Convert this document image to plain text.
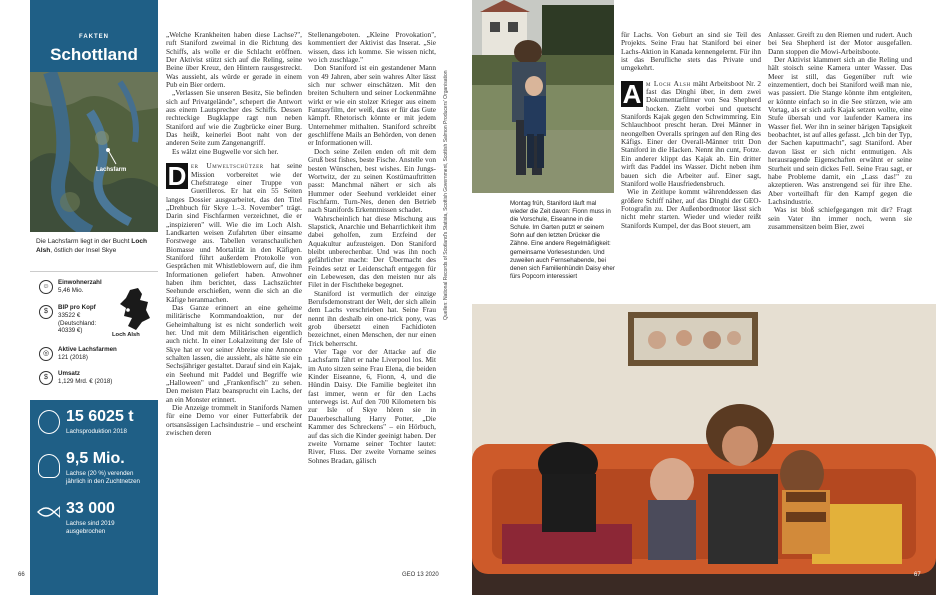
FAKTEN
Schottland
Lachsfarm
Die Lachsfarm liegt in der Bucht Loch Alsh, östlich der Insel Skye
☺
Einwohnerzahl
5,46 Mio.
$
BIP pro Kopf
33522 €
(Deutschland:
40339 €)
Loch Alsh
◎
Aktive Lachsfarmen
121 (2018)
$
Umsatz
1,129 Mrd. € (2018)
15 6025 t
Lachsproduktion 2018
9,5 Mio.
Lachse (20 %) verenden
jährlich in den Zuchtnetzen
33 000
Lachse sind 2019
ausgebrochen
66

„Welche Krankheiten haben diese Lachse?", ruft Staniford zweimal in die Richtung des Schiffs, als wolle er die Schlacht eröffnen. Der Aktivist stützt sich auf die Reling, seine Beine über Kreuz, den Hintern rausgestreckt. Was aussieht, als würde er gerade in einem Pub ein Bier ordern.

„Verlassen Sie unseren Besitz, Sie befinden sich auf Privatgelände", schepert die Antwort aus einem Lautsprecher des Schiffs. Dessen rechteckige Bugklappe ragt nun neben Staniford auf wie die Zugbrücke einer Burg. Das heißt, keinerlei Boot naht von der anderen Seite zum Zangenangriff.

Es wälzt eine Bugwelle vor sich her.

D er Umweltschützer hat seine Mission vorbereitet wie der Chefstratege einer Truppe von Guerilleros. Er hat ein 55 Seiten langes Dossier ausgearbeitet, das den Titel „Drehbuch für Skye 1.–3. November" trägt. Darin sind Fischfarmen verzeichnet, die er „inspizieren" will. Wie die im Loch Alsh. Landkarten weisen Zufahrten über einsame Forstwege aus. Tabellen veranschaulichen Biomasse und Mortalität in den Käfigen. Staniford führt außerdem Protokolle von Gesprächen mit Whistleblowern auf, die ihm Informationen geliefert haben. Anwohner haben ihm berichtet, dass Lachszüchter Seehunde erschießen, wenn die sich an die Käfige heranmachen.

Das Ganze erinnert an eine geheime militärische Kommandoaktion, nur der Geheimhaltung ist es nicht sonderlich weit her. Und mit dem Militärischen eigentlich auch nicht. In einer Lokalzeitung der Isle of Skye hat er vor seiner Abreise eine Annonce schalten lassen, die aussieht, als hätte sie ein Sechsjähriger gestaltet. Darauf sind ein Kajak, ein Seehund mit Paddel und Begriffe wie „Halloween" und „Frankenfisch" zu sehen. Den meisten Platz beansprucht ein Lachs, der an ein Monster erinnert.

Die Anzeige trommelt in Stanifords Namen für eine Demo vor einer Futterfabrik der ortsansässigen Lachsindustrie – und erscheint zwischen deren

Stellenangeboten. „Kleine Provokation", kommentiert der Aktivist das Inserat. „Sie wissen, dass ich komme. Sie wissen nicht, wo ich zuschlage."

Don Staniford ist ein gestandener Mann von 49 Jahren, aber sein wahres Alter lässt sich nur schwer einschätzen. Mit den breiten Schultern und seiner Lockenmähne wirkt er wie ein stolzer Krieger aus einem Fantasyfilm, der weiß, dass er für das Gute kämpft. Rhetorisch könnte er mit jedem Unternehmer mithalten. Staniford schreibt geschliffene Mails an Behörden, von denen er Informationen will.

Doch seine Zeilen enden oft mit dem Gruß best fishes, beste Fische. Anstelle von besten Wünschen, best wishes. Ein Jungs-Wortwitz, der zu seinen Kostümauftritten passt: Manchmal nähert er sich als Hummer oder Seehund verkleidet einer Fischfarm. Turn-Nes, denen den Betrieb nach Stanifords Erkenntnissen schadet.

Wahrscheinlich hat diese Mischung aus Slapstick, Anarchie und Beharrlichkeit ihm dabei geholfen, zum Erzfeind der Aquakultur aufzusteigen. Don Staniford bleibt unberechenbar. Und was ihn noch gefährlicher macht: Der Übermacht des Feindes setzt er Leidenschaft entgegen für ein Lebewesen, das den meisten nur als Filet in der Fischtheke begegnet.

Staniford ist vermutlich der einzige Berufsdemonstrant der Welt, der sich allein dem Lachs verschrieben hat. Seine Frau nennt ihn deshalb ein one-trick pony, was grob übersetzt einen Fachidioten bezeichnet, einen Menschen, der nur einen Trick beherrscht.

Vier Tage vor der Attacke auf die Lachsfarm fährt er nahe Liverpool los. Mit im Auto sitzen seine Frau Elena, die beiden Kinder Eiseanne, 6, Fionn, 4, und die Hündin Daisy. Die Familie begleitet ihn fast immer, wenn er für den Lachs unterwegs ist. Auf den 700 Kilometern bis zur Isle of Skye hören sie in Dauerbeschallung Harry Potter, „Die Kammer des Schreckens" – ein Hörbuch, auf das sich die Kinder geeinigt haben. Der zweite Vorname seiner Tochter lautet: River, Fluss. Der zweite Vorname seines Sohnes Bradan, gälisch

Quellen: National Records of Scotland's Statista, Scottish Government, Scottish Salmon Producers' Organisation
GEO 13 2020
Montag früh, Staniford läuft mal wieder die Zeit davon: Fionn muss in die Vorschule, Eiseanne in die Schule. Im Garten putzt er seinem Sohn auf den letzten Drücker die Zähne. Eine andere Regelmäßigkeit: gemeinsame Vorlesestunden. Und zuweilen auch Fernsehabende, bei denen sich Familienhündin Daisy eher fürs Popcorn interessiert

für Lachs. Von Geburt an sind sie Teil des Projekts. Seine Frau hat Staniford bei einer Lachs-Aktion in Kanada kennengelernt. Für ihn ist das Berufliche stets das Private und umgekehrt.

A m Loch Alsh mäht Arbeitsboot Nr. 2 fast das Dinghi über, in dem zwei Dokumentarfilmer von Sea Shepherd hocken. Zieht vorbei und quetscht Stanifords Kajak gegen den Schwimmring. Ein Schlauchboot prescht heran. Drei Männer in neongelben Overalls springen auf den Ring des Käfigs. Einer der Overall-Männer tritt Don Staniford in die Hacken. Nennt ihn cunt, Fotze. Ein anderer klippt das Kajak ab. Ein dritter wirft das Paddel ins Wasser. Dicht neben ihm bauen sich die Arbeiter auf. Einer sagt, Staniford wolle Hausfriedensbruch.

Wie in Zeitlupe kommt währenddessen das größere Schiff näher, auf das Dinghi der GEO-Fotografin zu. Der Außenbordmotor lässt sich nicht mehr starten. Wieder und wieder reißt Stanifords Kumpel, der das Boot steuert, am

Anlasser. Greift zu den Riemen und rudert. Auch bei Sea Shepherd ist der Motor ausgefallen. Dann stoppen die Mowi-Arbeitsboote.

Der Aktivist klammert sich an die Reling und hält stoisch seine Kamera unter Wasser. Das Meer ist still, das Gegenüber ruft wie einzementiert, doch bei Staniford weiß man nie, was passiert. Die Stange könnte ihm entgleiten, er könnte einfach so in die See stürzen, wie am Vortag, als er sich aufs Kajak setzen wollte, eine Stufe übersah und vor laufender Kamera ins Wasser fiel. Wer ihn in seiner bärigen Tapsigkeit beobachtet, ist auf alles gefasst. „Ich bin der Typ, der Sachen kaputtmacht", sagt Staniford. Aber davon lässt er sich nicht entmutigen. Als herausragende Eigenschaften erwähnt er seine Sturheit und sein dickes Fell. Seine Frau sagt, er habe Probleme damit, ein „Lass das!" zu akzeptieren. Was anstrengend sei für ihre Ehe. Aber vorteilhaft für den Kampf gegen die Lachsindustrie.

Was ist bloß schiefgegangen mit dir? Fragt sein Vater ihn immer noch, wenn sie zusammensitzen beim Bier, zwei

67
